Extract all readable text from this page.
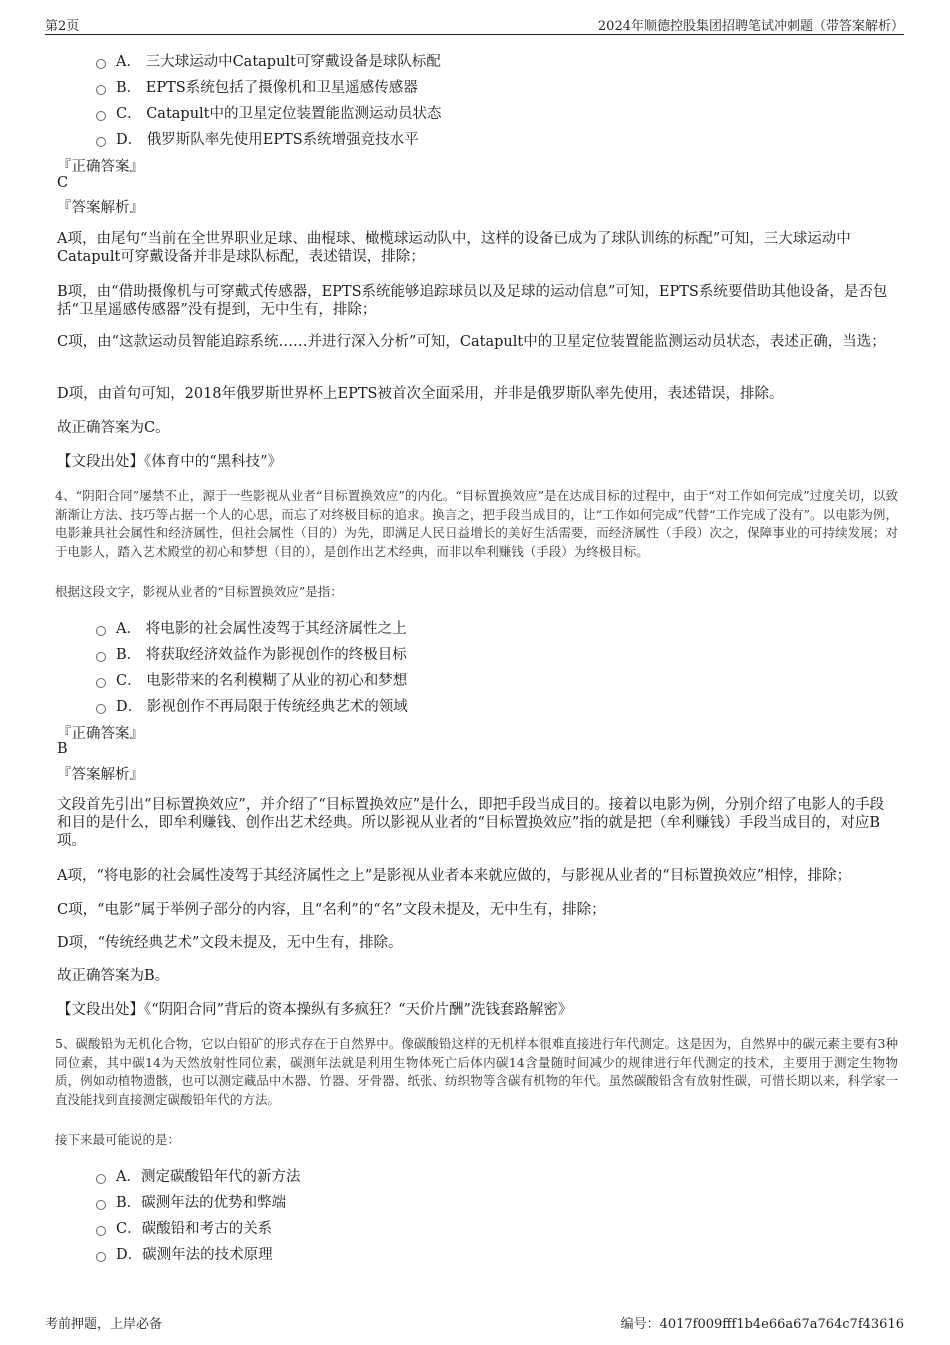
第2页	2024年顺德控股集团招聘笔试冲刺题（带答案解析）
A． 三大球运动中Catapult可穿戴设备是球队标配
B． EPTS系统包括了摄像机和卫星遥感传感器
C． Catapult中的卫星定位装置能监测运动员状态
D． 俄罗斯队率先使用EPTS系统增强竞技水平
『正确答案』
C
『答案解析』
A项，由尾句“当前在全世界职业足球、曲棍球、橄榄球运动队中，这样的设备已成为了球队训练的标配”可知，三大球运动中Catapult可穿戴设备并非是球队标配，表述错误，排除；
B项，由“借助摄像机与可穿戴式传感器，EPTS系统能够追踪球员以及足球的运动信息”可知，EPTS系统要借助其他设备，是否包括“卫星遥感传感器”没有提到，无中生有，排除；
C项，由“这款运动员智能追踪系统……并进行深入分析”可知，Catapult中的卫星定位装置能监测运动员状态，表述正确，当选；
D项，由首句可知，2018年俄罗斯世界杯上EPTS被首次全面采用，并非是俄罗斯队率先使用，表述错误，排除。
故正确答案为C。
【文段出处】《体育中的“黑科技”》
4、“阴阳合同”屡禁不止，源于一些影视从业者“目标置换效应”的内化。“目标置换效应”是在达成目标的过程中，由于“对工作如何完成”过度关切，以致渐渐让方法、技巧等占据一个人的心思，而忘了对终极目标的追求。换言之，把手段当成目的，让“工作如何完成”代替“工作完成了没有”。以电影为例，电影兼具社会属性和经济属性，但社会属性（目的）为先，即满足人民日益增长的美好生活需要，而经济属性（手段）次之，保障事业的可持续发展；对于电影人，踏入艺术殿堂的初心和梦想（目的），是创作出艺术经典，而非以牟利赚钱（手段）为终极目标。
根据这段文字，影视从业者的“目标置换效应”是指：
A． 将电影的社会属性凌驾于其经济属性之上
B． 将获取经济效益作为影视创作的终极目标
C． 电影带来的名利模糊了从业的初心和梦想
D． 影视创作不再局限于传统经典艺术的领域
『正确答案』
B
『答案解析』
文段首先引出“目标置换效应”，并介绍了“目标置换效应”是什么，即把手段当成目的。接着以电影为例，分别介绍了电影人的手段和目的是什么，即牟利赚钱、创作出艺术经典。所以影视从业者的“目标置换效应”指的就是把（牟利赚钱）手段当成目的，对应B项。
A项，“将电影的社会属性凌驾于其经济属性之上”是影视从业者本来就应做的，与影视从业者的“目标置换效应”相悖，排除；
C项，“电影”属于举例子部分的内容，且“名利”的“名”文段未提及，无中生有，排除；
D项，“传统经典艺术”文段未提及，无中生有，排除。
故正确答案为B。
【文段出处】《“阴阳合同”背后的资本操纵有多疯狂？“天价片酬”洗钱套路解密》
5、碳酸铅为无机化合物，它以白铅矿的形式存在于自然界中。像碳酸铅这样的无机样本很难直接进行年代测定。这是因为，自然界中的碳元素主要有3种同位素，其中碳14为天然放射性同位素，碳测年法就是利用生物体死亡后体内碳14含量随时间减少的规律进行年代测定的技术，主要用于测定生物物质，例如动植物遗骸，也可以测定藏品中木器、竹器、牙骨器、纸张、纺织物等含碳有机物的年代。虽然碳酸铅含有放射性碳，可惜长期以来，科学家一直没能找到直接测定碳酸铅年代的方法。
接下来最可能说的是：
A．测定碳酸铅年代的新方法
B．碳测年法的优势和弊端
C．碳酸铅和考古的关系
D．碳测年法的技术原理
考前押题，上岸必备	编号：4017f009fff1b4e66a67a764c7f43616
